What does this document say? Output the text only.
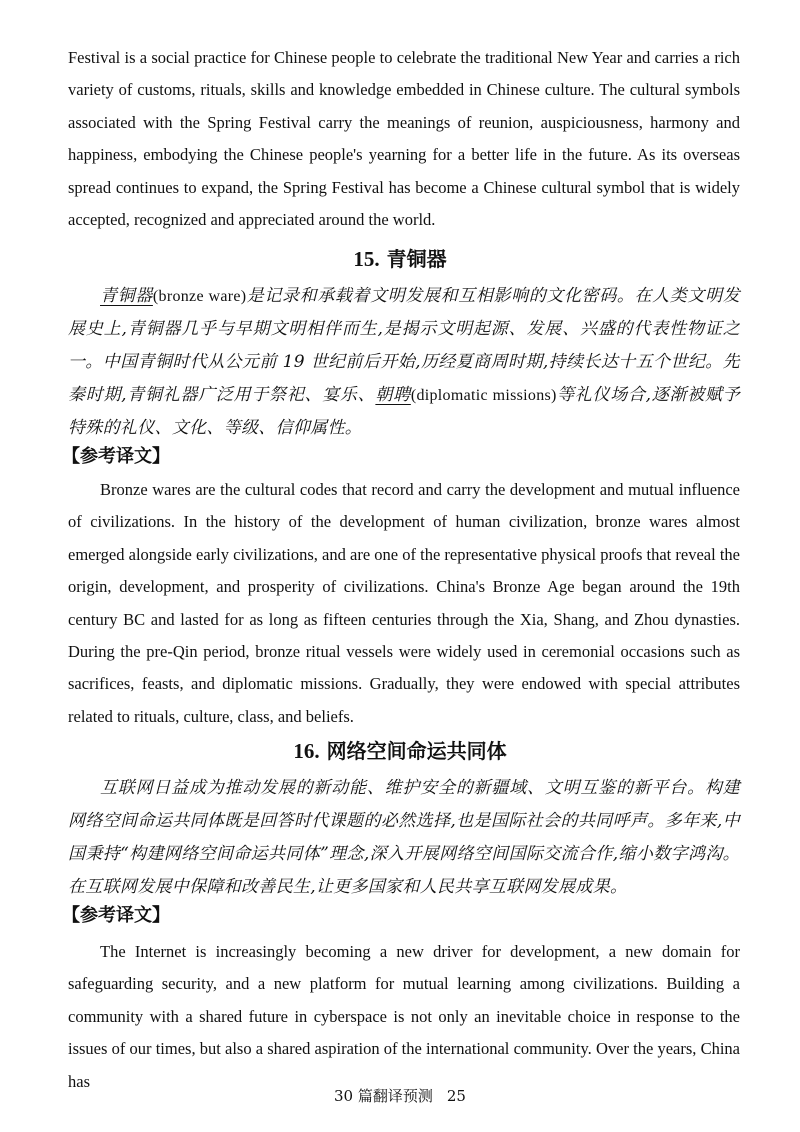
Festival is a social practice for Chinese people to celebrate the traditional New Year and carries a rich variety of customs, rituals, skills and knowledge embedded in Chinese culture. The cultural symbols associated with the Spring Festival carry the meanings of reunion, auspiciousness, harmony and happiness, embodying the Chinese people's yearning for a better life in the future. As its overseas spread continues to expand, the Spring Festival has become a Chinese cultural symbol that is widely accepted, recognized and appreciated around the world.

15. 青铜器

青铜器(bronze ware)是记录和承载着文明发展和互相影响的文化密码。在人类文明发展史上,青铜器几乎与早期文明相伴而生,是揭示文明起源、发展、兴盛的代表性物证之一。中国青铜时代从公元前 19 世纪前后开始,历经夏商周时期,持续长达十五个世纪。先秦时期,青铜礼器广泛用于祭祀、宴乐、朝聘(diplomatic missions)等礼仪场合,逐渐被赋予特殊的礼仪、文化、等级、信仰属性。

【参考译文】

Bronze wares are the cultural codes that record and carry the development and mutual influence of civilizations. In the history of the development of human civilization, bronze wares almost emerged alongside early civilizations, and are one of the representative physical proofs that reveal the origin, development, and prosperity of civilizations. China's Bronze Age began around the 19th century BC and lasted for as long as fifteen centuries through the Xia, Shang, and Zhou dynasties. During the pre-Qin period, bronze ritual vessels were widely used in ceremonial occasions such as sacrifices, feasts, and diplomatic missions. Gradually, they were endowed with special attributes related to rituals, culture, class, and beliefs.

16. 网络空间命运共同体

互联网日益成为推动发展的新动能、维护安全的新疆域、文明互鉴的新平台。构建网络空间命运共同体既是回答时代课题的必然选择,也是国际社会的共同呼声。多年来,中国秉持“构建网络空间命运共同体”理念,深入开展网络空间国际交流合作,缩小数字鸿沟。在互联网发展中保障和改善民生,让更多国家和人民共享互联网发展成果。

【参考译文】

The Internet is increasingly becoming a new driver for development, a new domain for safeguarding security, and a new platform for mutual learning among civilizations. Building a community with a shared future in cyberspace is not only an inevitable choice in response to the issues of our times, but also a shared aspiration of the international community. Over the years, China has

30 篇翻译预测 25
